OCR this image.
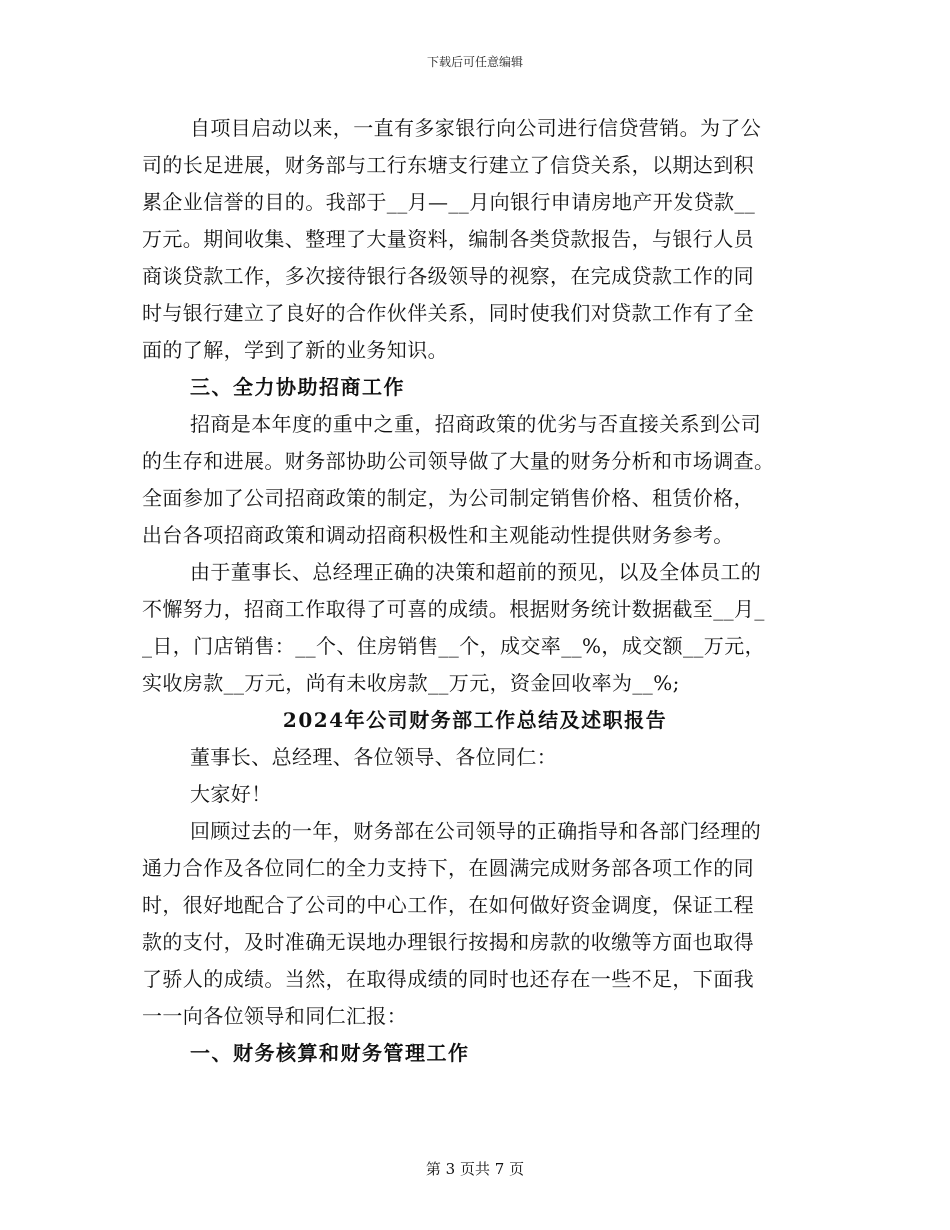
下载后可任意编辑
自项目启动以来，一直有多家银行向公司进行信贷营销。为了公
司的长足进展，财务部与工行东塘支行建立了信贷关系，以期达到积
累企业信誉的目的。我部于__月—__月向银行申请房地产开发贷款__
万元。期间收集、整理了大量资料，编制各类贷款报告，与银行人员
商谈贷款工作，多次接待银行各级领导的视察，在完成贷款工作的同
时与银行建立了良好的合作伙伴关系，同时使我们对贷款工作有了全
面的了解，学到了新的业务知识。
三、全力协助招商工作
招商是本年度的重中之重，招商政策的优劣与否直接关系到公司
的生存和进展。财务部协助公司领导做了大量的财务分析和市场调查。
全面参加了公司招商政策的制定，为公司制定销售价格、租赁价格，
出台各项招商政策和调动招商积极性和主观能动性提供财务参考。
由于董事长、总经理正确的决策和超前的预见，以及全体员工的
不懈努力，招商工作取得了可喜的成绩。根据财务统计数据截至__月_
_日，门店销售：__个、住房销售__个，成交率__%，成交额__万元，
实收房款__万元，尚有未收房款__万元，资金回收率为__%;
2024年公司财务部工作总结及述职报告
董事长、总经理、各位领导、各位同仁：
大家好！
回顾过去的一年，财务部在公司领导的正确指导和各部门经理的
通力合作及各位同仁的全力支持下，在圆满完成财务部各项工作的同
时，很好地配合了公司的中心工作，在如何做好资金调度，保证工程
款的支付，及时准确无误地办理银行按揭和房款的收缴等方面也取得
了骄人的成绩。当然，在取得成绩的同时也还存在一些不足，下面我
一一向各位领导和同仁汇报：
一、财务核算和财务管理工作
第 3 页共 7 页
